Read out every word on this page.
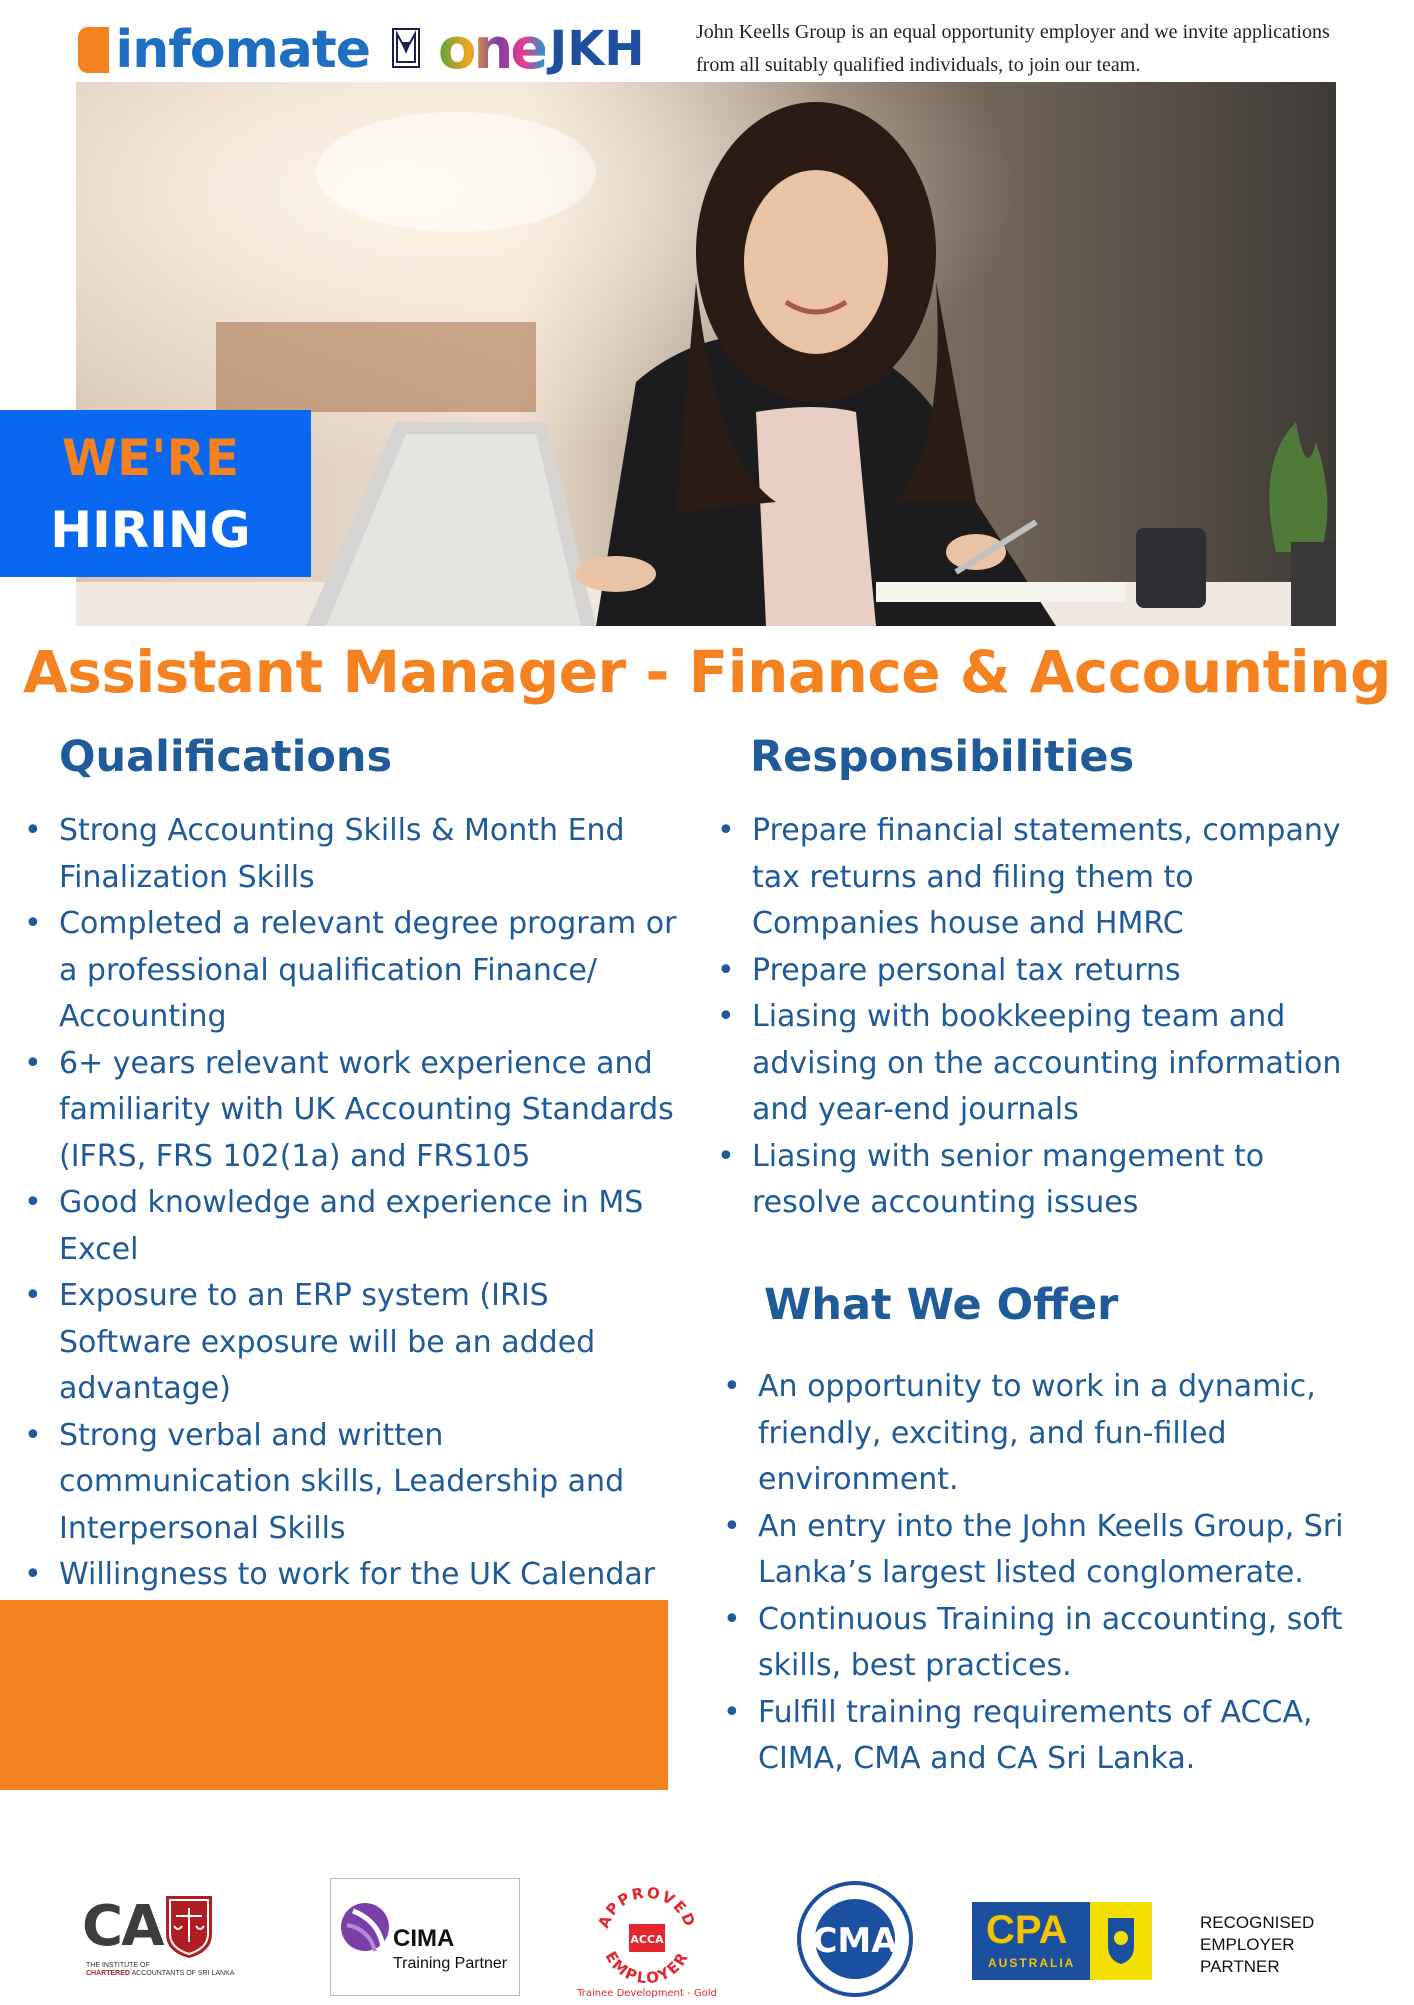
infomate one JKH	John Keells Group is an equal opportunity employer and we invite applications from all suitably qualified individuals, to join our team.
WE'RE
HIRING
Assistant Manager - Finance & Accounting
Qualifications
• Strong Accounting Skills & Month End Finalization Skills
• Completed a relevant degree program or a professional qualification Finance/ Accounting
• 6+ years relevant work experience and familiarity with UK Accounting Standards (IFRS, FRS 102(1a) and FRS105
• Good knowledge and experience in MS Excel
• Exposure to an ERP system (IRIS Software exposure will be an added advantage)
• Strong verbal and written communication skills, Leadership and Interpersonal Skills
• Willingness to work for the UK Calendar
Responsibilities
• Prepare financial statements, company tax returns and filing them to Companies house and HMRC
• Prepare personal tax returns
• Liasing with bookkeeping team and advising on the accounting information and year-end journals
• Liasing with senior mangement to resolve accounting issues
What We Offer
• An opportunity to work in a dynamic, friendly, exciting, and fun-filled environment.
• An entry into the John Keells Group, Sri Lanka’s largest listed conglomerate.
• Continuous Training in accounting, soft skills, best practices.
• Fulfill training requirements of ACCA, CIMA, CMA and CA Sri Lanka.
CA
THE INSTITUTE OF
CHARTERED ACCOUNTANTS OF SRI LANKA
CIMA
Training Partner
APPROVED
EMPLOYER
ACCA
Trainee Development - Gold
CMA CPA
AUSTRALIA
RECOGNISED EMPLOYER PARTNER
